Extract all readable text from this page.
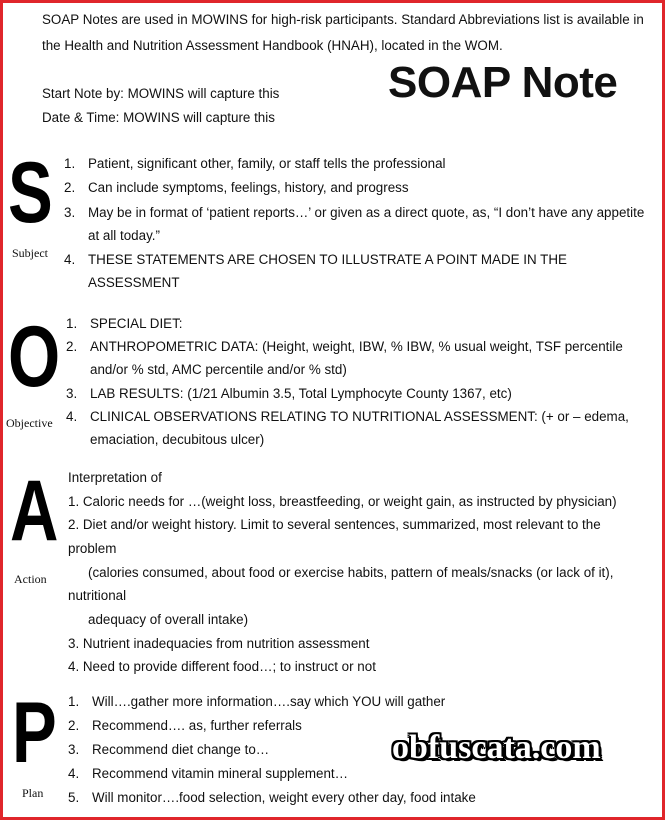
SOAP Notes are used in MOWINS for high-risk participants. Standard Abbreviations list is available in
the Health and Nutrition Assessment Handbook (HNAH), located in the WOM.
Start Note by: MOWINS will capture this
Date & Time: MOWINS will capture this
SOAP Note
S
Subject
1. Patient, significant other, family, or staff tells the professional
2. Can include symptoms, feelings, history, and progress
3. May be in format of ‘patient reports…’ or given as a direct quote, as, “I don’t have any appetite
at all today.”
4. THESE STATEMENTS ARE CHOSEN TO ILLUSTRATE A POINT MADE IN THE
ASSESSMENT
O
Objective
1. SPECIAL DIET:
2. ANTHROPOMETRIC DATA: (Height, weight, IBW, % IBW, % usual weight, TSF percentile
and/or % std, AMC percentile and/or % std)
3. LAB RESULTS: (1/21 Albumin 3.5, Total Lymphocyte County 1367, etc)
4. CLINICAL OBSERVATIONS RELATING TO NUTRITIONAL ASSESSMENT: (+ or – edema,
emaciation, decubitous ulcer)
A
Action
Interpretation of
1. Caloric needs for …(weight loss, breastfeeding, or weight gain, as instructed by physician)
2. Diet and/or weight history. Limit to several sentences, summarized, most relevant to the
problem
(calories consumed, about food or exercise habits, pattern of meals/snacks (or lack of it),
nutritional
adequacy of overall intake)
3. Nutrient inadequacies from nutrition assessment
4. Need to provide different food…; to instruct or not
P
Plan
1. Will….gather more information….say which YOU will gather
2. Recommend…. as, further referrals
3. Recommend diet change to…
4. Recommend vitamin mineral supplement…
5. Will monitor….food selection, weight every other day, food intake
obfuscata.com
